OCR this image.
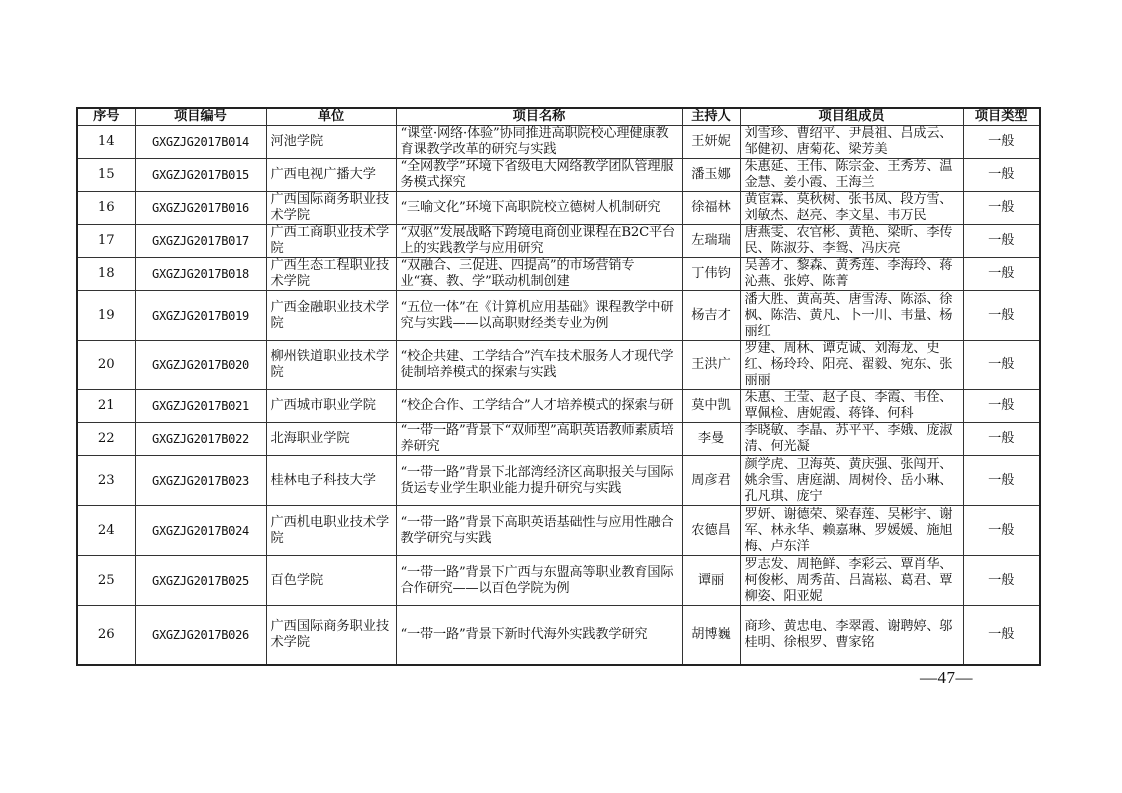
序号	项目编号	单位	项目名称	主持人	项目组成员	项目类型
14	GXGZJG2017B014	河池学院	“课堂·网络·体验”协同推进高职院校心理健康教育课教学改革的研究与实践	王妍妮	刘雪珍、曹绍平、尹晨祖、吕成云、邹健初、唐菊花、梁芳美	一般
15	GXGZJG2017B015	广西电视广播大学	“全网教学”环境下省级电大网络教学团队管理服务模式探究	潘玉娜	朱惠延、王伟、陈宗金、王秀芳、温金慧、姜小霞、王海兰	一般
16	GXGZJG2017B016	广西国际商务职业技术学院	“三喻文化”环境下高职院校立德树人机制研究	徐福林	黄宦霖、莫秋树、张书凤、段方雪、刘敏杰、赵亮、李文星、韦万民	一般
17	GXGZJG2017B017	广西工商职业技术学院	“双驱”发展战略下跨境电商创业课程在B2C平台上的实践教学与应用研究	左瑞瑞	唐燕雯、农官彬、黄艳、梁昕、李传民、陈淑芬、李鸳、冯庆亮	一般
18	GXGZJG2017B018	广西生态工程职业技术学院	“双融合、三促进、四提高”的市场营销专业“赛、教、学”联动机制创建	丁伟钧	吴善才、黎森、黄秀莲、李海玲、蒋沁燕、张婷、陈菁	一般
19	GXGZJG2017B019	广西金融职业技术学院	“五位一体”在《计算机应用基础》课程教学中研究与实践——以高职财经类专业为例	杨吉才	潘大胜、黄高英、唐雪涛、陈添、徐枫、陈浩、黄凡、卜一川、韦量、杨丽红	一般
20	GXGZJG2017B020	柳州铁道职业技术学院	“校企共建、工学结合”汽车技术服务人才现代学徒制培养模式的探索与实践	王洪广	罗建、周林、谭克诚、刘海龙、史红、杨玲玲、阳亮、翟毅、宛东、张丽丽	一般
21	GXGZJG2017B021	广西城市职业学院	“校企合作、工学结合”人才培养模式的探索与研	莫中凯	朱惠、王莹、赵子良、李霞、韦佺、覃佩检、唐妮霞、蒋锋、何科	一般
22	GXGZJG2017B022	北海职业学院	“一带一路”背景下“双师型”高职英语教师素质培养研究	李曼	李晓敏、李晶、苏平平、李娥、庞淑清、何光凝	一般
23	GXGZJG2017B023	桂林电子科技大学	“一带一路”背景下北部湾经济区高职报关与国际货运专业学生职业能力提升研究与实践	周彦君	颜学虎、卫海英、黄庆强、张闯开、姚余雪、唐庭湖、周树伶、岳小琳、孔凡琪、庞宁	一般
24	GXGZJG2017B024	广西机电职业技术学院	“一带一路”背景下高职英语基础性与应用性融合教学研究与实践	农德昌	罗妍、谢德荣、梁春莲、吴彬宇、谢军、林永华、赖嘉琳、罗媛媛、施旭梅、卢东洋	一般
25	GXGZJG2017B025	百色学院	“一带一路”背景下广西与东盟高等职业教育国际合作研究——以百色学院为例	谭丽	罗志发、周艳鲜、李彩云、覃肖华、柯俊彬、周秀苗、吕嵩崧、葛君、覃柳姿、阳亚妮	一般
26	GXGZJG2017B026	广西国际商务职业技术学院	“一带一路”背景下新时代海外实践教学研究	胡博巍	商珍、黄忠电、李翠霞、谢聘婷、邬桂明、徐根罗、曹家铭	一般
—47—
